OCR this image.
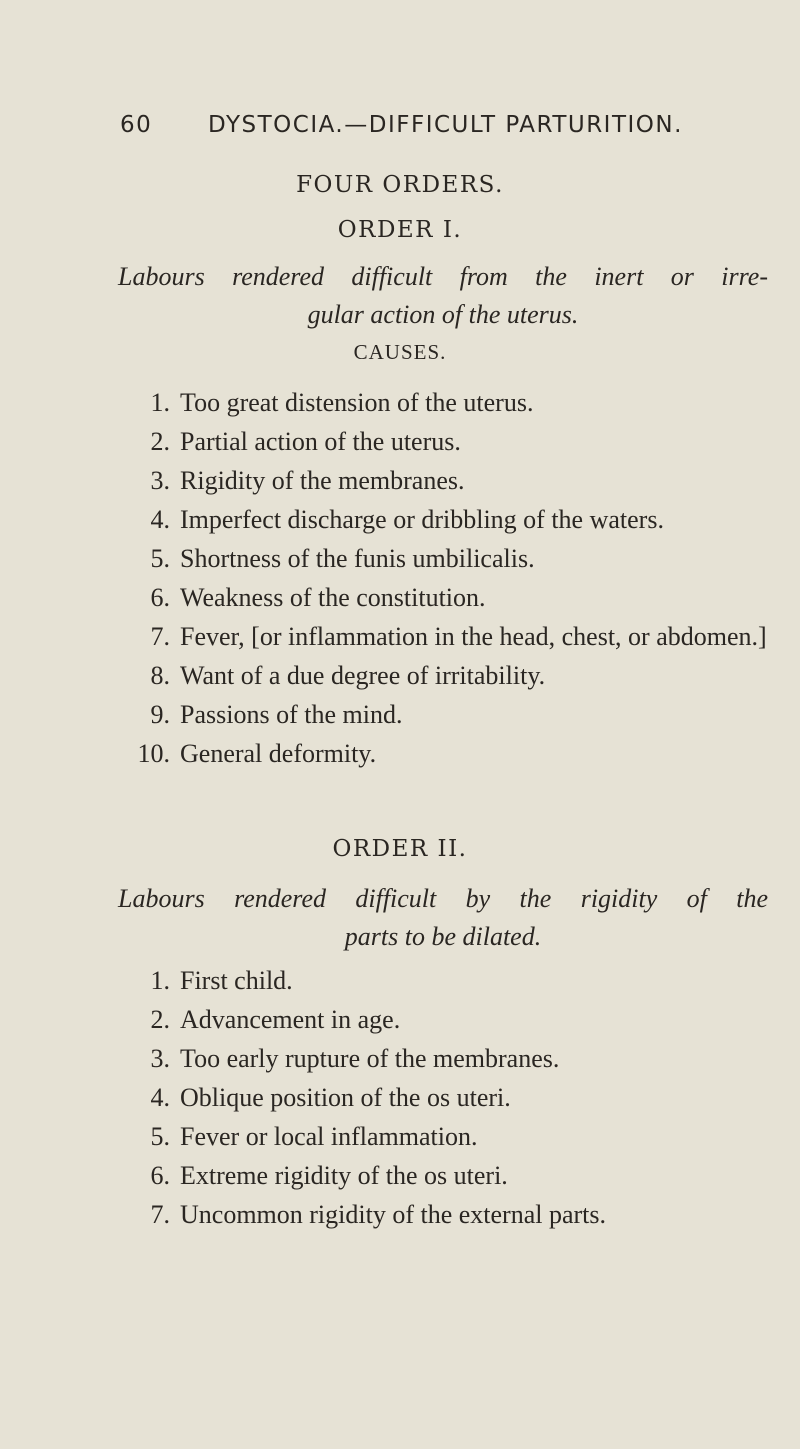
60 DYSTOCIA.—DIFFICULT PARTURITION.
FOUR ORDERS.
ORDER I.
Labours rendered difficult from the inert or irre-
gular action of the uterus.
CAUSES.
1. Too great distension of the uterus.
2. Partial action of the uterus.
3. Rigidity of the membranes.
4. Imperfect discharge or dribbling of the waters.
5. Shortness of the funis umbilicalis.
6. Weakness of the constitution.
7. Fever, [or inflammation in the head, chest, or abdomen.]
8. Want of a due degree of irritability.
9. Passions of the mind.
10. General deformity.
ORDER II.
Labours rendered difficult by the rigidity of the
parts to be dilated.
1. First child.
2. Advancement in age.
3. Too early rupture of the membranes.
4. Oblique position of the os uteri.
5. Fever or local inflammation.
6. Extreme rigidity of the os uteri.
7. Uncommon rigidity of the external parts.
